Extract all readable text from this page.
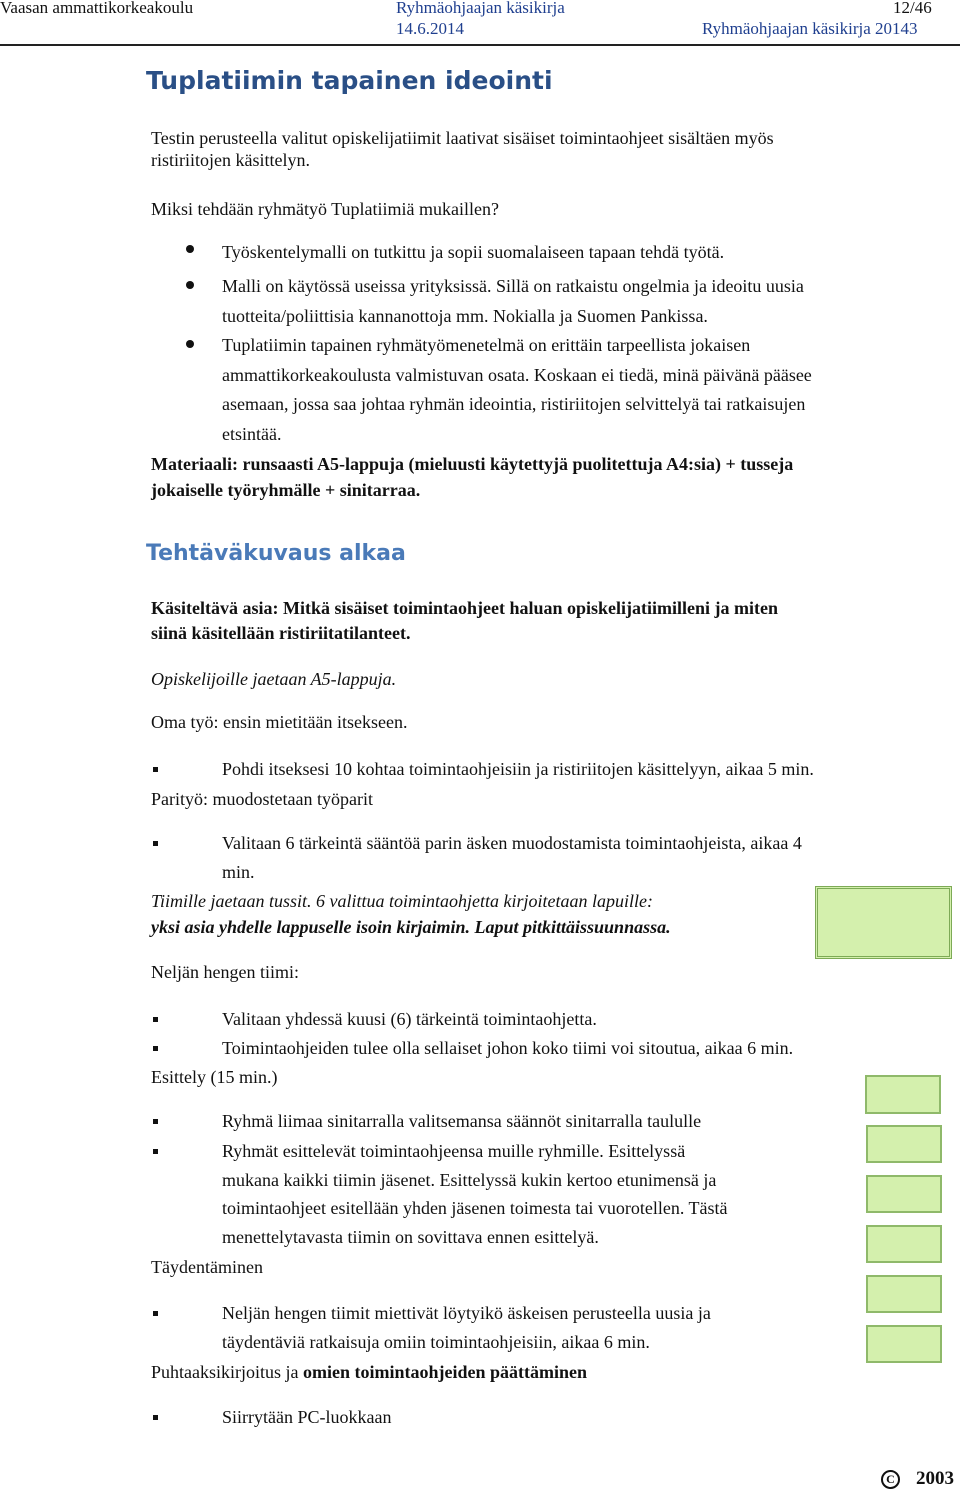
Vaasan ammattikorkeakoulu	Ryhmäohjaajan käsikirja	12/46
14.6.2014	Ryhmäohjaajan käsikirja 20143
Tuplatiimin tapainen ideointi
Testin perusteella valitut opiskelijatiimit laativat sisäiset toimintaohjeet sisältäen myös
ristiriitojen käsittelyn.
Miksi tehdään ryhmätyö Tuplatiimiä mukaillen?
Työskentelymalli on tutkittu ja sopii suomalaiseen tapaan tehdä työtä.
Malli on käytössä useissa yrityksissä. Sillä on ratkaistu ongelmia ja ideoitu uusia
tuotteita/poliittisia kannanottoja mm. Nokialla ja Suomen Pankissa.
Tuplatiimin tapainen ryhmätyömenetelmä on erittäin tarpeellista jokaisen
ammattikorkeakoulusta valmistuvan osata. Koskaan ei tiedä, minä päivänä pääsee
asemaan, jossa saa johtaa ryhmän ideointia, ristiriitojen selvittelyä tai ratkaisujen
etsintää.
Materiaali: runsaasti A5-lappuja (mieluusti käytettyjä puolitettuja A4:sia) + tusseja
jokaiselle työryhmälle + sinitarraa.
Tehtäväkuvaus alkaa
Käsiteltävä asia: Mitkä sisäiset toimintaohjeet haluan opiskelijatiimilleni ja miten
siinä käsitellään ristiriitatilanteet.
Opiskelijoille jaetaan A5-lappuja.
Oma työ: ensin mietitään itsekseen.
Pohdi itseksesi 10 kohtaa toimintaohjeisiin ja ristiriitojen käsittelyyn, aikaa 5 min.
Parityö: muodostetaan työparit
Valitaan 6 tärkeintä sääntöä parin äsken muodostamista toimintaohjeista, aikaa 4
min.
Tiimille jaetaan tussit. 6 valittua toimintaohjetta kirjoitetaan lapuille:
yksi asia yhdelle lappuselle isoin kirjaimin. Laput pitkittäissuunnassa.
Neljän hengen tiimi:
Valitaan yhdessä kuusi (6) tärkeintä toimintaohjetta.
Toimintaohjeiden tulee olla sellaiset johon koko tiimi voi sitoutua, aikaa 6 min.
Esittely (15 min.)
Ryhmä liimaa sinitarralla valitsemansa säännöt sinitarralla taululle
Ryhmät esittelevät toimintaohjeensa muille ryhmille. Esittelyssä
mukana kaikki tiimin jäsenet. Esittelyssä kukin kertoo etunimensä ja
toimintaohjeet esitellään yhden jäsenen toimesta tai vuorotellen. Tästä
menettelytavasta tiimin on sovittava ennen esittelyä.
Täydentäminen
Neljän hengen tiimit miettivät löytyikö äskeisen perusteella uusia ja
täydentäviä ratkaisuja omiin toimintaohjeisiin, aikaa 6 min.
Puhtaaksikirjoitus ja omien toimintaohjeiden päättäminen
Siirrytään PC-luokkaan
C 2003
